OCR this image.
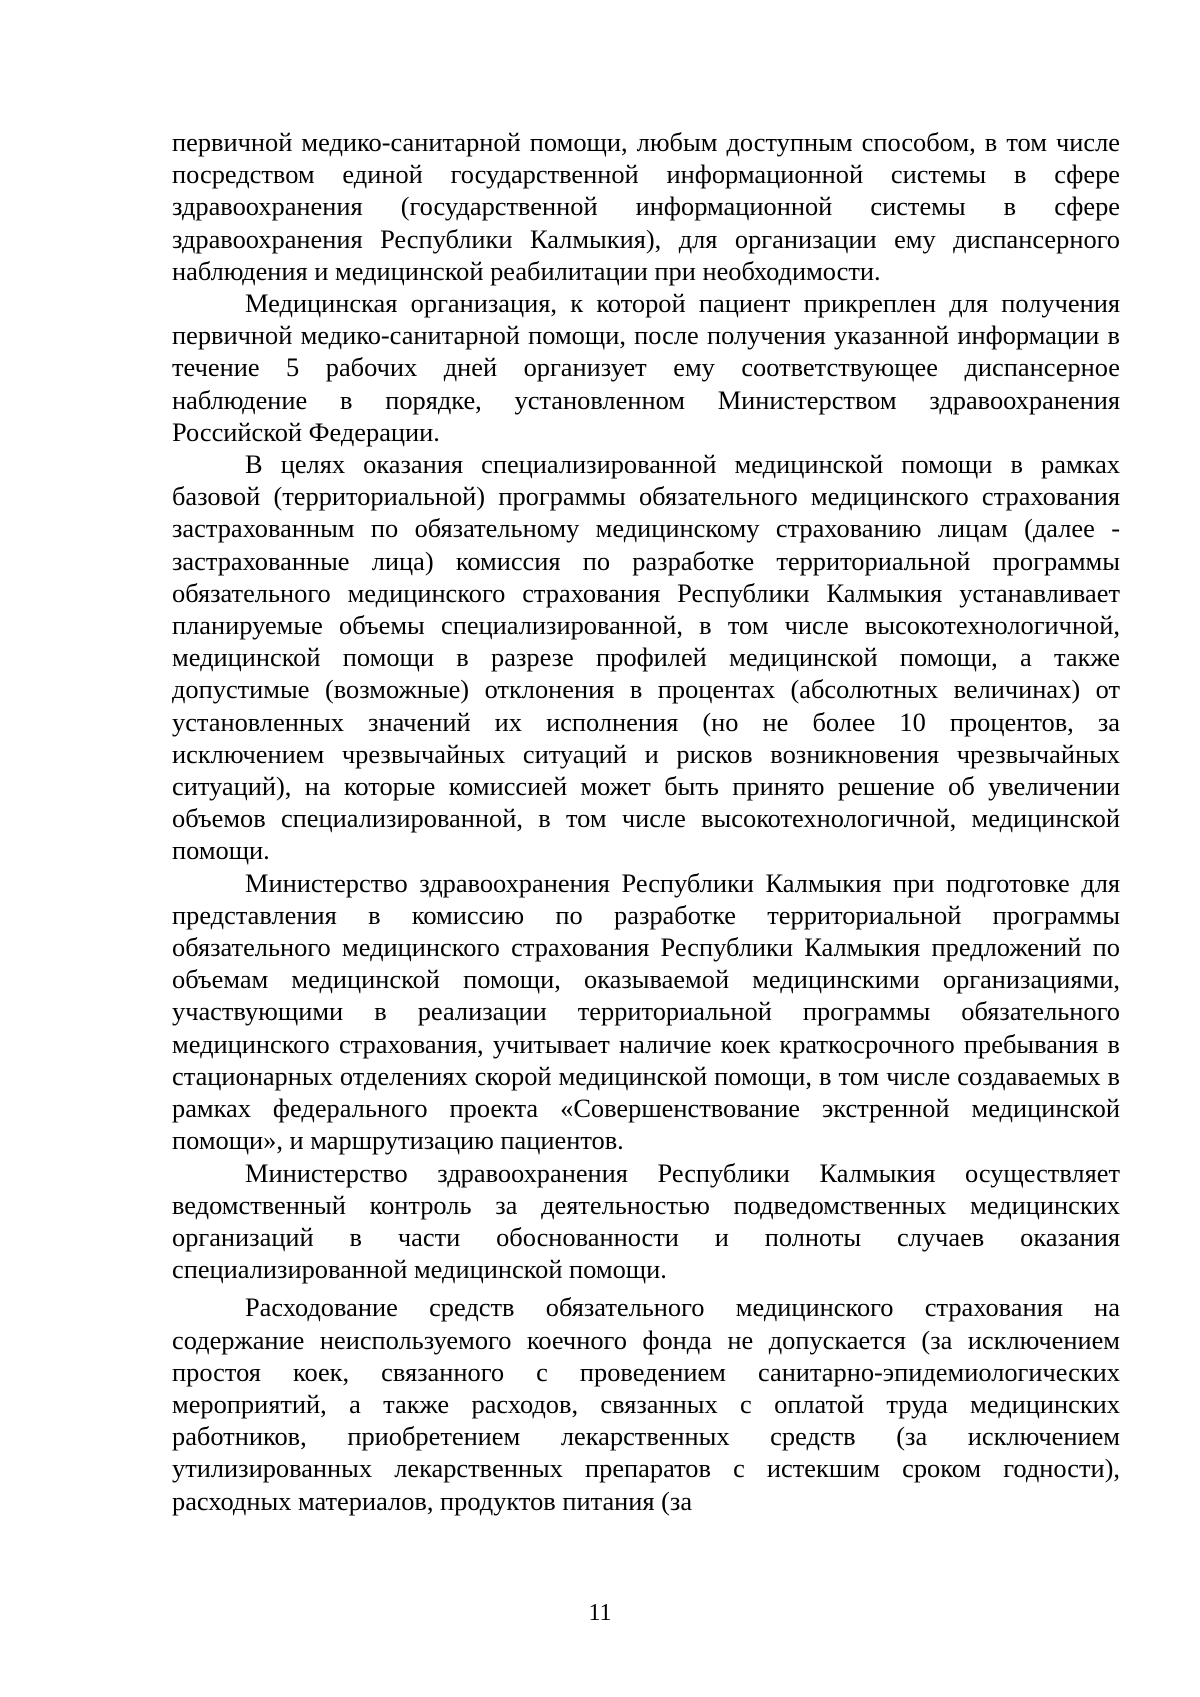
первичной медико-санитарной помощи, любым доступным способом, в том числе посредством единой государственной информационной системы в сфере здравоохранения (государственной информационной системы в сфере здравоохранения Республики Калмыкия), для организации ему диспансерного наблюдения и медицинской реабилитации при необходимости.

Медицинская организация, к которой пациент прикреплен для получения первичной медико-санитарной помощи, после получения указанной информации в течение 5 рабочих дней организует ему соответствующее диспансерное наблюдение в порядке, установленном Министерством здравоохранения Российской Федерации.

В целях оказания специализированной медицинской помощи в рамках базовой (территориальной) программы обязательного медицинского страхования застрахованным по обязательному медицинскому страхованию лицам (далее - застрахованные лица) комиссия по разработке территориальной программы обязательного медицинского страхования Республики Калмыкия устанавливает планируемые объемы специализированной, в том числе высокотехнологичной, медицинской помощи в разрезе профилей медицинской помощи, а также допустимые (возможные) отклонения в процентах (абсолютных величинах) от установленных значений их исполнения (но не более 10 процентов, за исключением чрезвычайных ситуаций и рисков возникновения чрезвычайных ситуаций), на которые комиссией может быть принято решение об увеличении объемов специализированной, в том числе высокотехнологичной, медицинской помощи.

Министерство здравоохранения Республики Калмыкия при подготовке для представления в комиссию по разработке территориальной программы обязательного медицинского страхования Республики Калмыкия предложений по объемам медицинской помощи, оказываемой медицинскими организациями, участвующими в реализации территориальной программы обязательного медицинского страхования, учитывает наличие коек краткосрочного пребывания в стационарных отделениях скорой медицинской помощи, в том числе создаваемых в рамках федерального проекта «Совершенствование экстренной медицинской помощи», и маршрутизацию пациентов.

Министерство здравоохранения Республики Калмыкия осуществляет ведомственный контроль за деятельностью подведомственных медицинских организаций в части обоснованности и полноты случаев оказания специализированной медицинской помощи.

Расходование средств обязательного медицинского страхования на содержание неиспользуемого коечного фонда не допускается (за исключением простоя коек, связанного с проведением санитарно-эпидемиологических мероприятий, а также расходов, связанных с оплатой труда медицинских работников, приобретением лекарственных средств (за исключением утилизированных лекарственных препаратов с истекшим сроком годности), расходных материалов, продуктов питания (за

11
